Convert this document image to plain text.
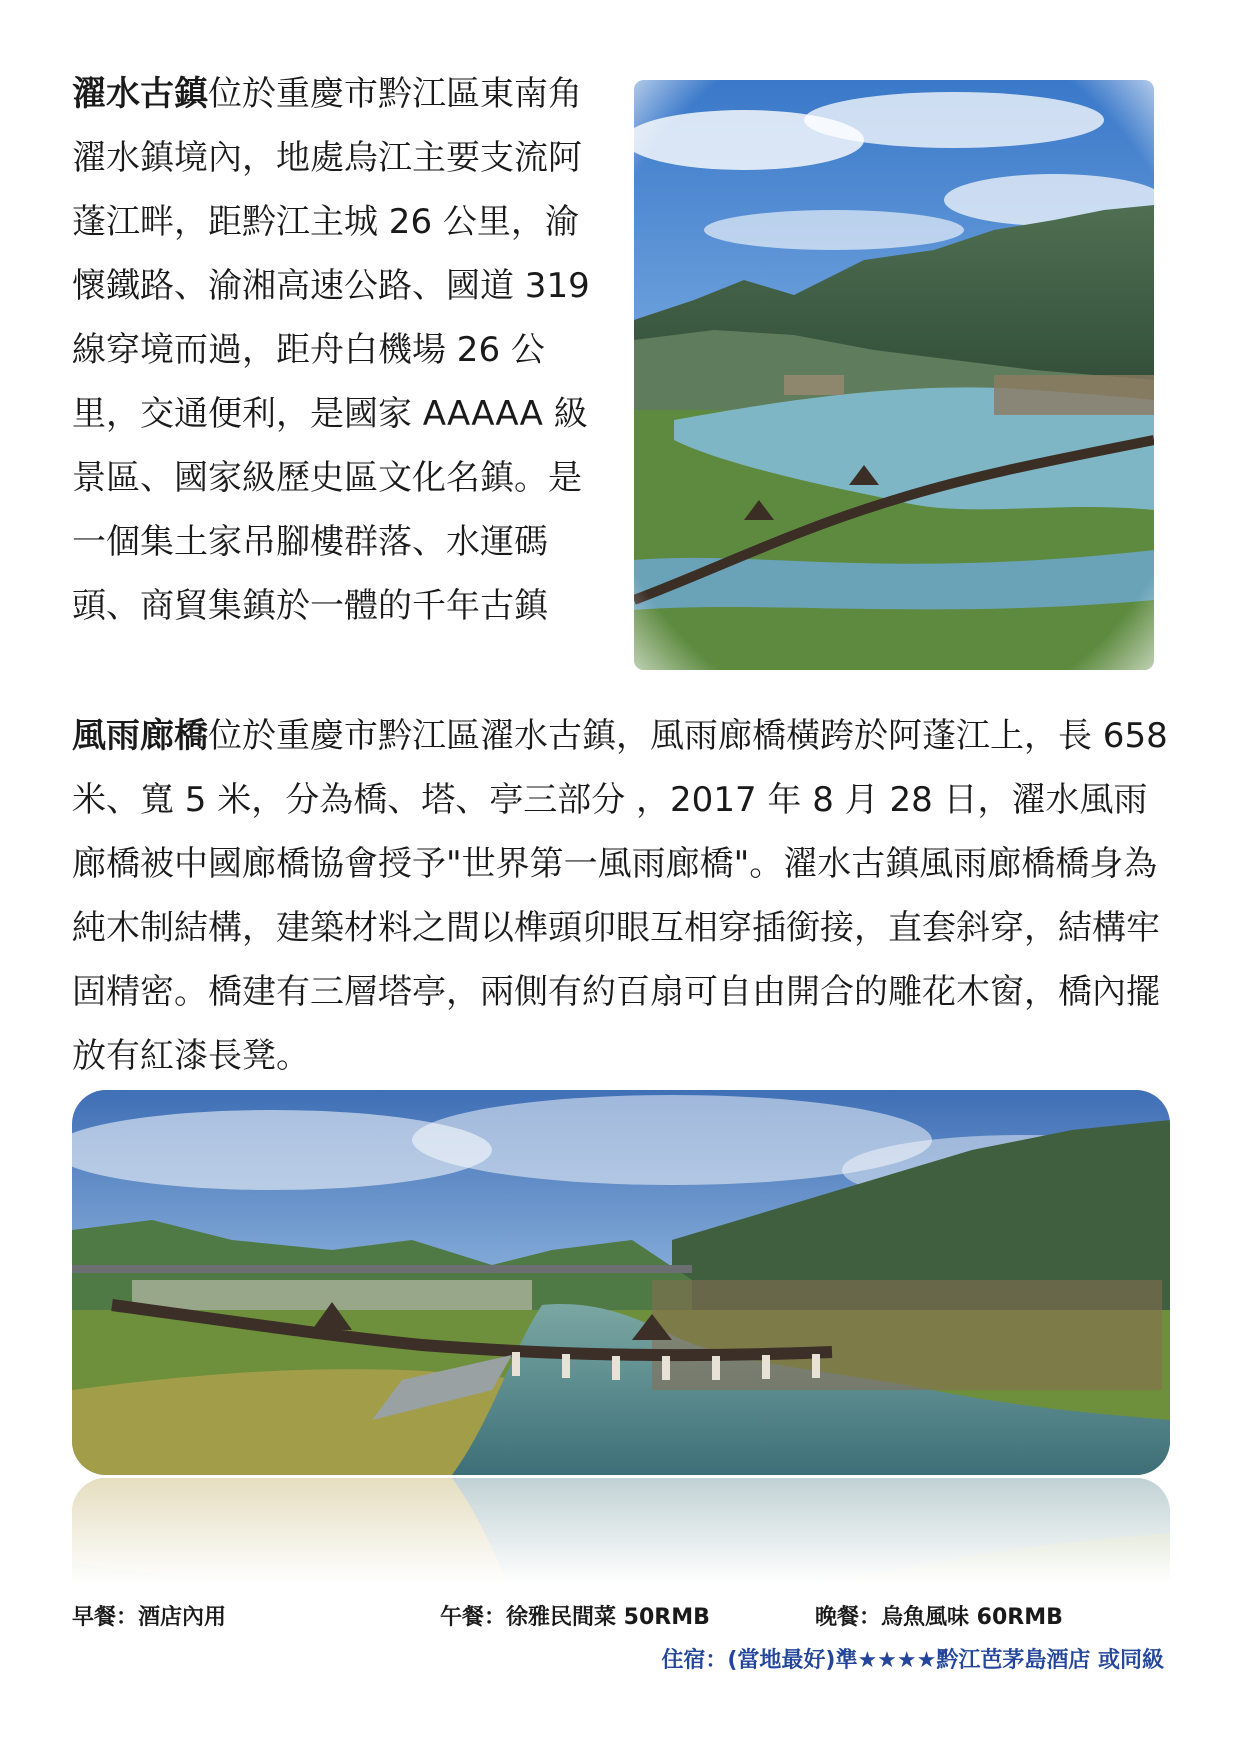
濯水古鎮位於重慶市黔江區東南角濯水鎮境內，地處烏江主要支流阿蓬江畔，距黔江主城 26 公里，渝懷鐵路、渝湘高速公路、國道 319 線穿境而過，距舟白機場 26 公里，交通便利，是國家 AAAAA 級景區、國家級歷史區文化名鎮。是一個集土家吊腳樓群落、水運碼頭、商貿集鎮於一體的千年古鎮

風雨廊橋位於重慶市黔江區濯水古鎮，風雨廊橋橫跨於阿蓬江上，長 658 米、寬 5 米，分為橋、塔、亭三部分 ，2017 年 8 月 28 日，濯水風雨廊橋被中國廊橋協會授予"世界第一風雨廊橋"。濯水古鎮風雨廊橋橋身為純木制結構，建築材料之間以榫頭卯眼互相穿插銜接，直套斜穿，結構牢固精密。橋建有三層塔亭，兩側有約百扇可自由開合的雕花木窗，橋內擺放有紅漆長凳。

早餐：酒店內用	午餐：徐雅民間菜 50RMB	晚餐：烏魚風味 60RMB
住宿：(當地最好)準★★★★黔江芭茅島酒店 或同級
